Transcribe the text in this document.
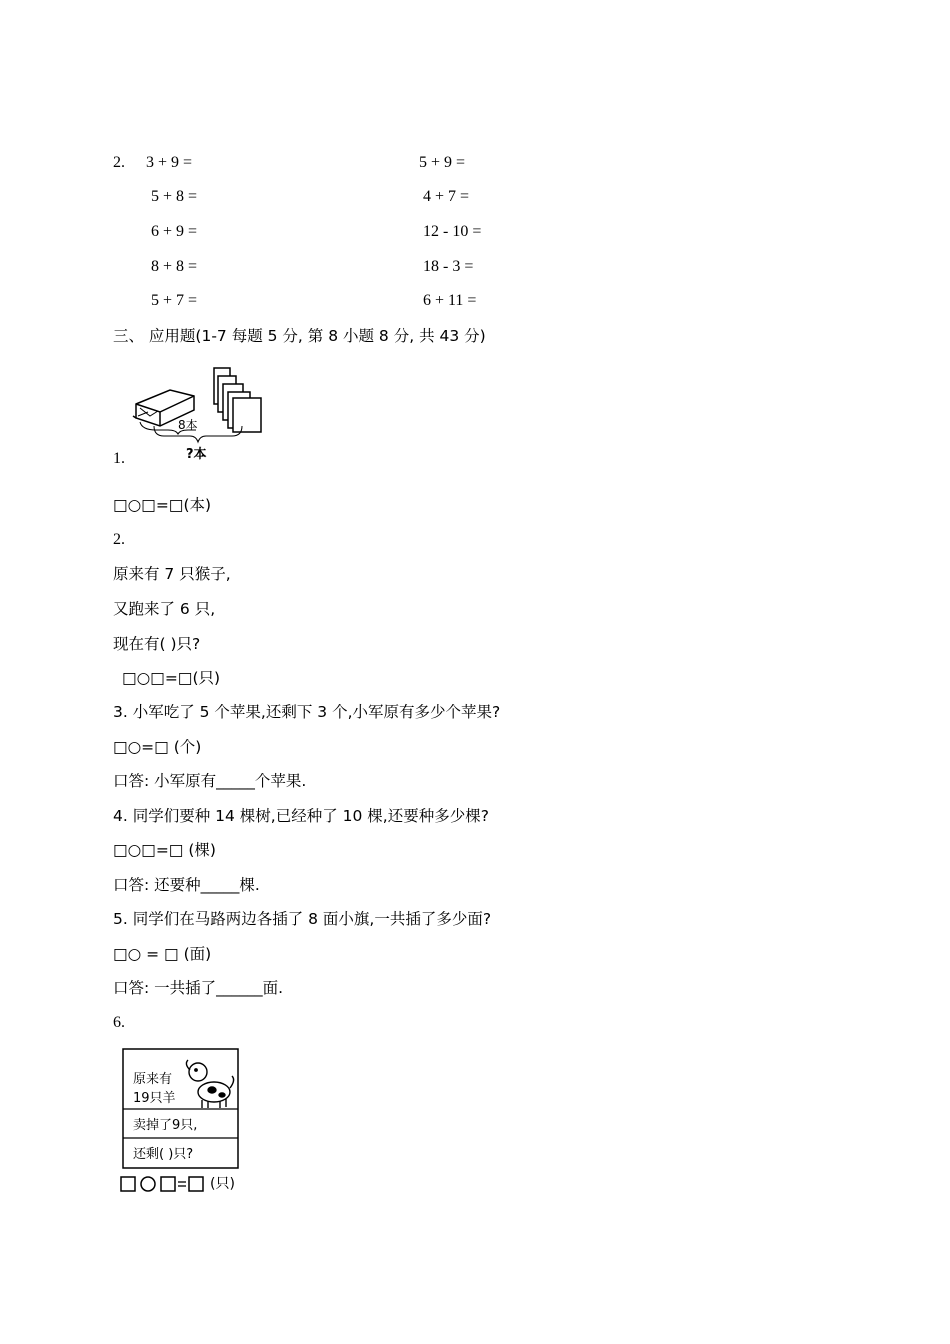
2. 3 + 9 =
5 + 8 =
6 + 9 =
8 + 8 =
5 + 7 =
5 + 9 =
4 + 7 =
12 - 10 =
18 - 3 =
6 + 11 =
三、 应用题(1-7 每题 5 分, 第 8 小题 8 分, 共 43 分)
8本
?本
1.
□○□=□(本)
2.
原来有 7 只猴子,
又跑来了 6 只,
现在有( )只?
□○□=□(只)
3. 小军吃了 5 个苹果,还剩下 3 个,小军原有多少个苹果?
□○=□ (个)
口答: 小军原有_____个苹果.
4. 同学们要种 14 棵树,已经种了 10 棵,还要种多少棵?
□○□=□ (棵)
口答: 还要种_____棵.
5. 同学们在马路两边各插了 8 面小旗,一共插了多少面?
□○ = □ (面)
口答: 一共插了______面.
6.
原来有
19只羊
卖掉了9只,
还剩( )只?
(只)
